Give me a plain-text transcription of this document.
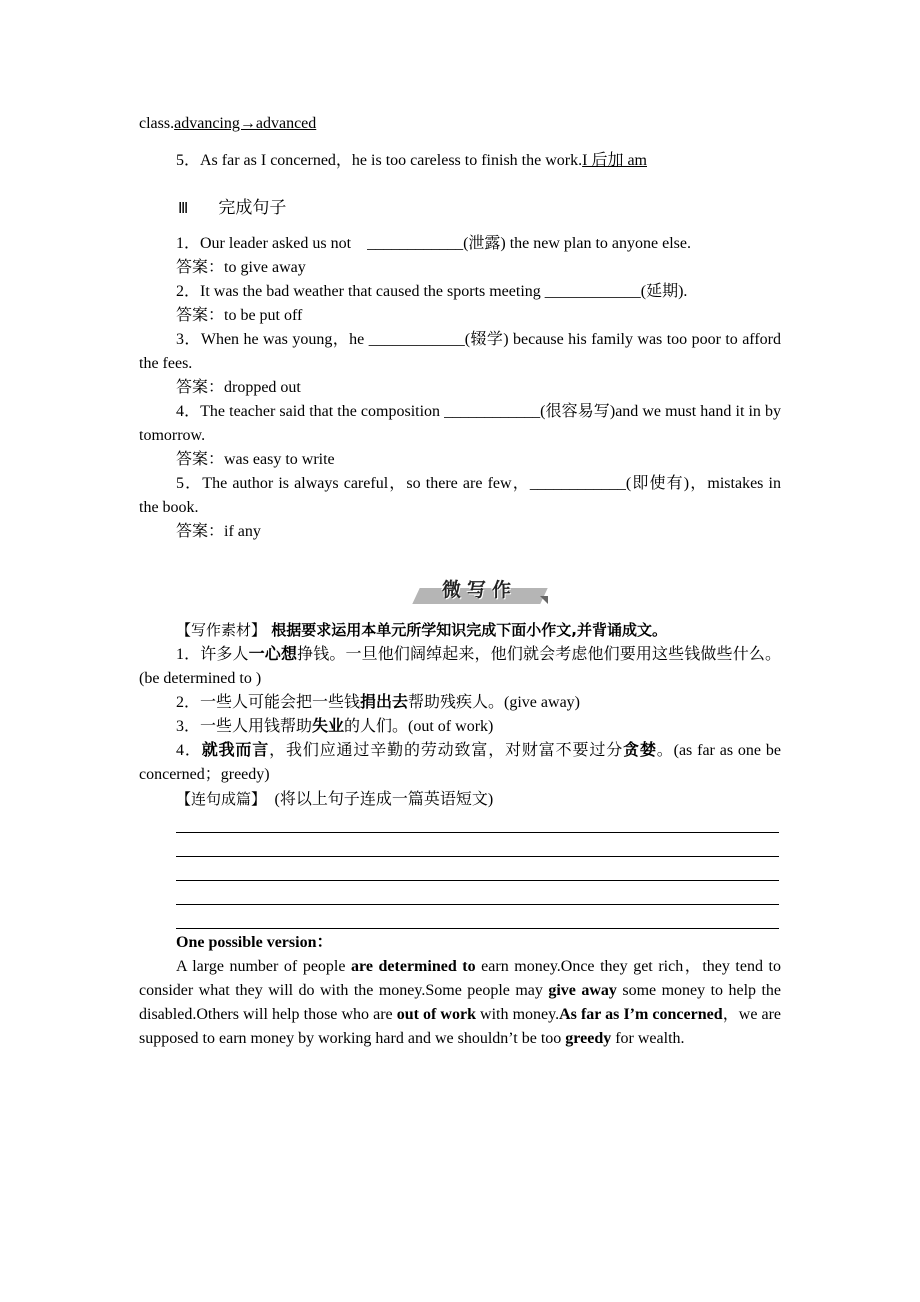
class.advancing→advanced
5．As far as I concerned，he is too careless to finish the work.I 后加 am
Ⅲ 完成句子
1．Our leader asked us not　____________(泄露) the new plan to anyone else.
答案：to give away
2．It was the bad weather that caused the sports meeting ____________(延期).
答案：to be put off
3．When he was young，he ____________(辍学) because his family was too poor to afford the fees.
答案：dropped out
4．The teacher said that the composition ____________(很容易写)and we must hand it in by tomorrow.
答案：was easy to write
5．The author is always careful，so there are few，____________(即使有)，mistakes in the book.
答案：if any
微写作
【写作素材】 根据要求运用本单元所学知识完成下面小作文,并背诵成文。
1．许多人一心想挣钱。一旦他们阔绰起来，他们就会考虑他们要用这些钱做些什么。(be determined to )
2．一些人可能会把一些钱捐出去帮助残疾人。(give away)
3．一些人用钱帮助失业的人们。(out of work)
4．就我而言，我们应通过辛勤的劳动致富，对财富不要过分贪婪。(as far as one be concerned；greedy)
【连句成篇】　(将以上句子连成一篇英语短文)
One possible version：
A large number of people are determined to earn money.Once they get rich，they tend to consider what they will do with the money.Some people may give away some money to help the disabled.Others will help those who are out of work with money.As far as I’m concerned，we are supposed to earn money by working hard and we shouldn’t be too greedy for wealth.
